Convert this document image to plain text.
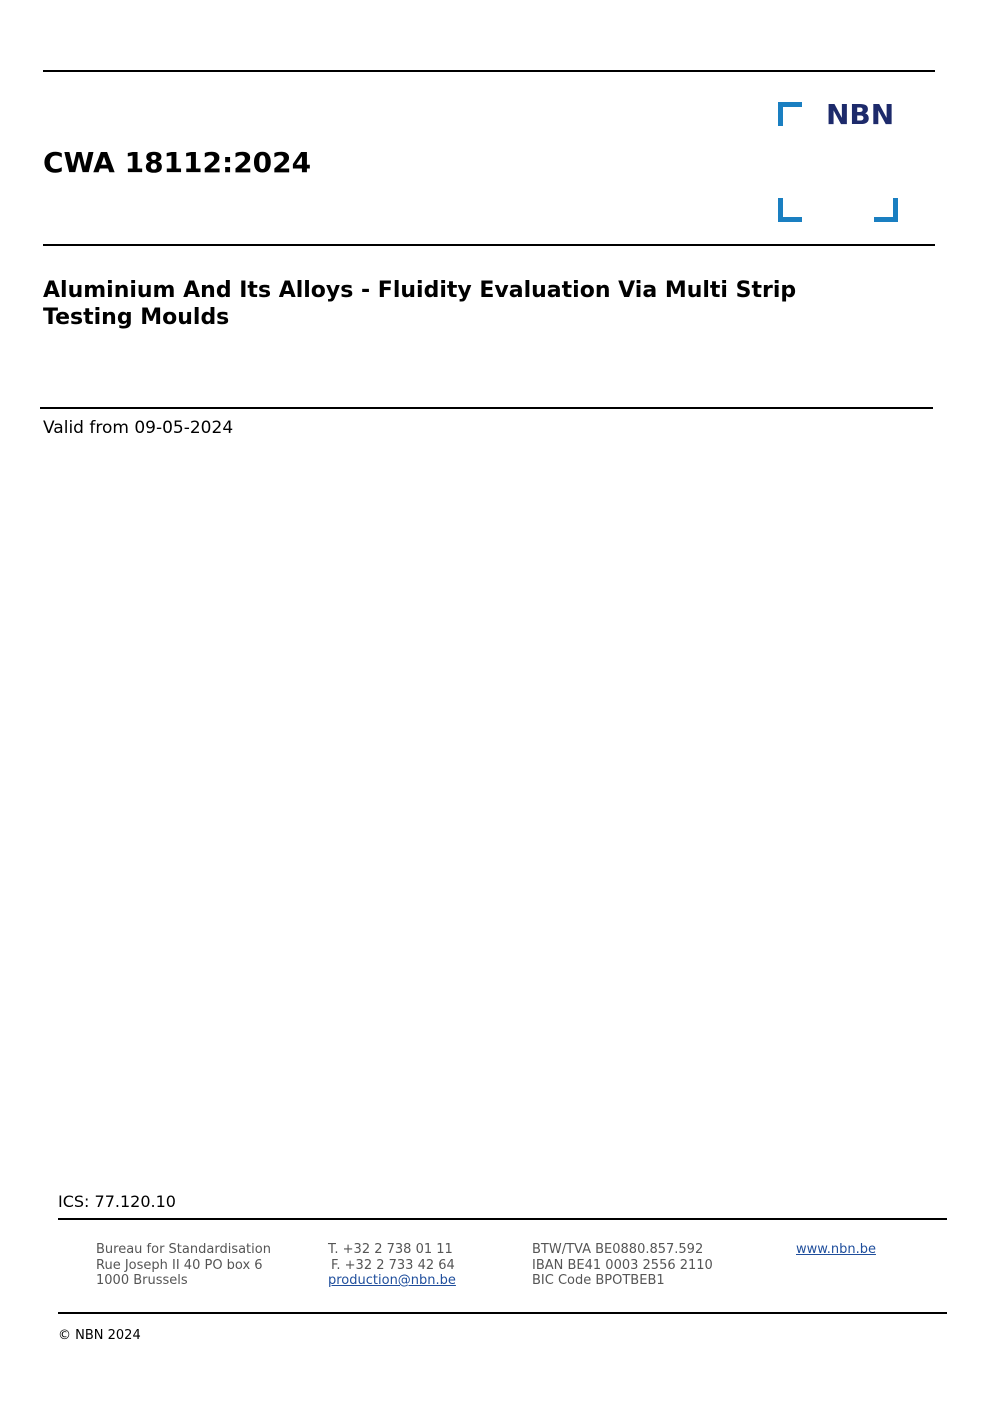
CWA 18112:2024
NBN
Aluminium And Its Alloys - Fluidity Evaluation Via Multi Strip
Testing Moulds
Valid from 09-05-2024
ICS: 77.120.10
Bureau for Standardisation
Rue Joseph II 40 PO box 6
1000 Brussels
T. +32 2 738 01 11
F. +32 2 733 42 64
production@nbn.be
BTW/TVA BE0880.857.592
IBAN BE41 0003 2556 2110
BIC Code BPOTBEB1
www.nbn.be
© NBN 2024
